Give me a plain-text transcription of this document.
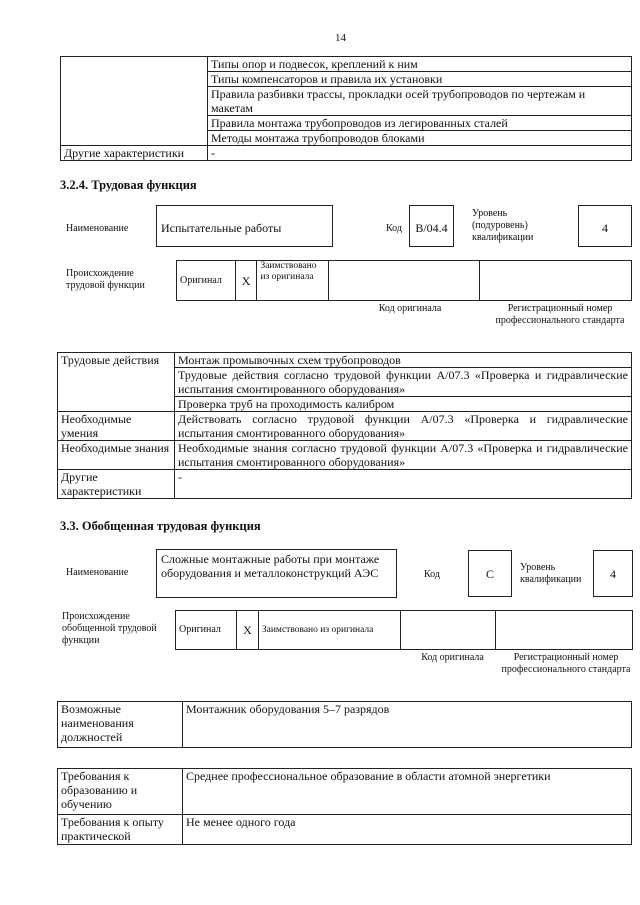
14
	Типы опор и подвесок, креплений к ним
	Типы компенсаторов и правила их установки
	Правила разбивки трассы, прокладки осей трубопроводов по чертежам и макетам
	Правила монтажа трубопроводов из легированных сталей
	Методы монтажа трубопроводов блоками
Другие характеристики	-
3.2.4. Трудовая функция
Наименование	Испытательные работы	Код	B/04.4
Уровень (подуровень) квалификации
4
Происхождение трудовой функции	Оригинал	X	Заимствовано из оригинала		
Код оригинала	Регистрационный номер профессионального стандарта
Трудовые действия	Монтаж промывочных схем трубопроводов
	Трудовые действия согласно трудовой функции А/07.3 «Проверка и гидравлические испытания смонтированного оборудования»
	Проверка труб на проходимость калибром
Необходимые умения	Действовать согласно трудовой функции А/07.3 «Проверка и гидравлические испытания смонтированного оборудования»
Необходимые знания	Необходимые знания согласно трудовой функции А/07.3 «Проверка и гидравлические испытания смонтированного оборудования»
Другие характеристики	-
3.3. Обобщенная трудовая функция
Наименование
Сложные монтажные работы при монтаже оборудования и металлоконструкций АЭС	Код	C	Уровень квалификации	4
Происхождение обобщенной трудовой функции
Оригинал	X	Заимствовано из оригинала		
Код оригинала	Регистрационный номер профессионального стандарта
Возможные наименования должностей	Монтажник оборудования 5–7 разрядов
Требования к образованию и обучению	Среднее профессиональное образование в области атомной энергетики
Требования к опыту практической	Не менее одного года
